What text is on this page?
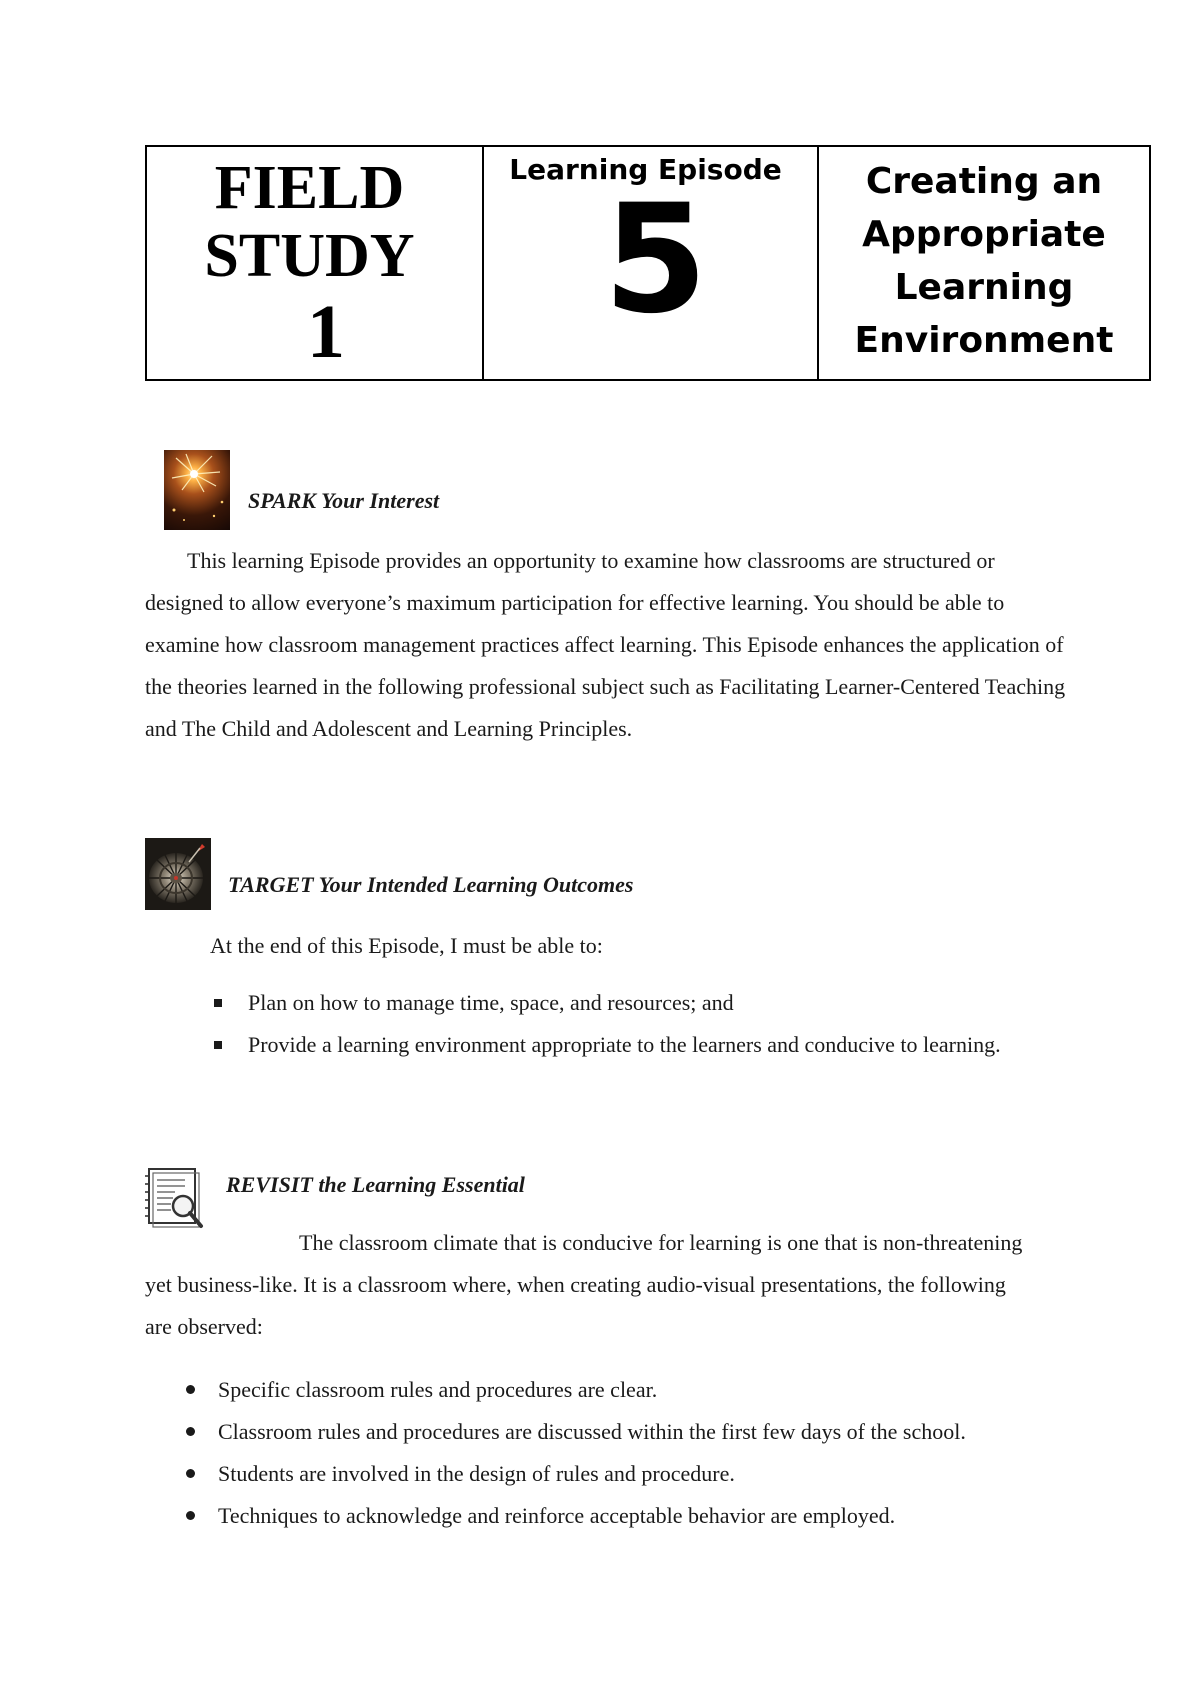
FIELD
STUDY
1
Learning Episode
5	Creating an
Appropriate
Learning
Environment
SPARK Your Interest
This learning Episode provides an opportunity to examine how classrooms are structured or designed to allow everyone’s maximum participation for effective learning. You should be able to examine how classroom management practices affect learning. This Episode enhances the application of the theories learned in the following professional subject such as Facilitating Learner-Centered Teaching and The Child and Adolescent and Learning Principles.
TARGET Your Intended Learning Outcomes
At the end of this Episode, I must be able to:
Plan on how to manage time, space, and resources; and
Provide a learning environment appropriate to the learners and conducive to learning.
REVISIT the Learning Essential
The classroom climate that is conducive for learning is one that is non-threatening yet business-like. It is a classroom where, when creating audio-visual presentations, the following are observed:
Specific classroom rules and procedures are clear.
Classroom rules and procedures are discussed within the first few days of the school.
Students are involved in the design of rules and procedure.
Techniques to acknowledge and reinforce acceptable behavior are employed.
